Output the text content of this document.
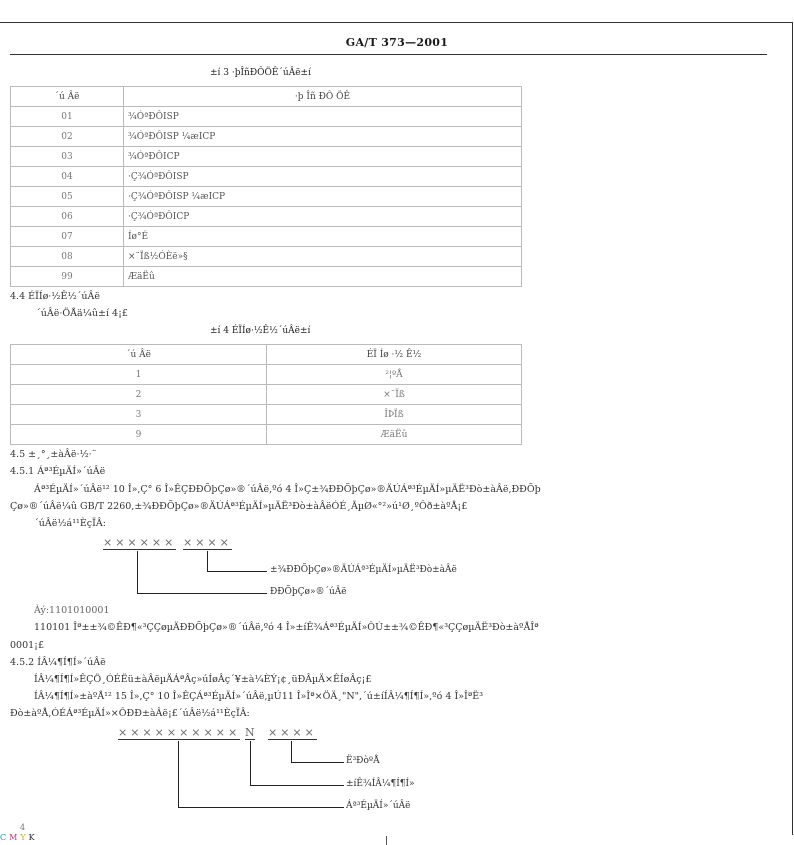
GA/T 373—2001
±í 3 ·þÎñÐÔÖÊ´úÂë±í
´ú Âë	·þ Îñ ÐÔ ÖÊ
01	¾ÓªÐÔISP
02	¾ÓªÐÔISP ¼æICP
03	¾ÓªÐÔICP
04	·Ç¾ÓªÐÔISP
05	·Ç¾ÓªÐÔISP ¼æICP
06	·Ç¾ÓªÐÔICP
07	Íø°É
08	×¨Ïß½ÓÈë»§
99	ÆäËû
4.4 ÉÏÍø·½Ê½´úÂë
´úÂë·ÖÅä¼û±í 4¡£
±í 4 ÉÏÍø·½Ê½´úÂë±í
´ú Âë	ÉÏ Íø ·½ Ê½
1	²¦ºÅ
2	×¨Ïß
3	ÎÞÏß
9	ÆäËû
4.5 ±¸°¸±àÂë·½·¨
4.5.1 Áª³ÉµÄÍ»´úÂë
Áª³ÉµÄÍ»´úÂë¹² 10 Î»,Ç° 6 Î»ÊÇÐÐÕþÇø»®´úÂë,ºó 4 Î»Ç±¾ÐÐÕþÇø»®ÄÚÁª³ÉµÄÍ»µÄË³Ðò±àÂë,ÐÐÕþ
Çø»®´úÂë¼û GB/T 2260,±¾ÐÐÕþÇø»®ÄÚÁª³ÉµÄÍ»µÄË³Ðò±àÂëÓÉ¸ÃµØ«°²»ú¹Ø¸ºÔð±àºÅ¡£
´úÂë½á¹¹ÈçÏÂ:
×××××× ××××
±¾ÐÐÕþÇø»®ÄÚÁª³ÉµÄÍ»µÄË³Ðò±àÂë
ÐÐÕþÇø»®´úÂë
Àý:1101010001
110101 Îª±±¾©ÊÐ¶«³ÇÇøµÄÐÐÕþÇø»®´úÂë,ºó 4 Î»±íÊ¾Áª³ÉµÄÍ»ÔÚ±±¾©ÊÐ¶«³ÇÇøµÄË³Ðò±àºÅÎª
0001¡£
4.5.2 ÍÂ¼¶Í¶Í»´úÂë
ÍÂ¼¶Í¶Í»ÊÇÖ¸ÓÉËü±àÂëµÄÁªÂç»úÍøÂç´¥±à¼ÈÝ¡¢¸üÐÂµÄ×ÊÍøÂç¡£
ÍÂ¼¶Í¶Í»±àºÅ¹² 15 Î»,Ç° 10 Î»ÊÇÁª³ÉµÄÍ»´úÂë,µÚ11 Î»Îª×ÖÄ¸"N",´ú±íÍÂ¼¶Í¶Í»,ºó 4 Î»ÎªË³
Ðò±àºÅ,ÓÉÁª³ÉµÄÍ»×ÔÐÐ±àÂë¡£´úÂë½á¹¹ÈçÏÂ:
×××××××××× N ××××
Ë³ÐòºÅ
±íÊ¾ÍÂ¼¶Í¶Í»
Áª³ÉµÄÍ»´úÂë
4
C M Y K
